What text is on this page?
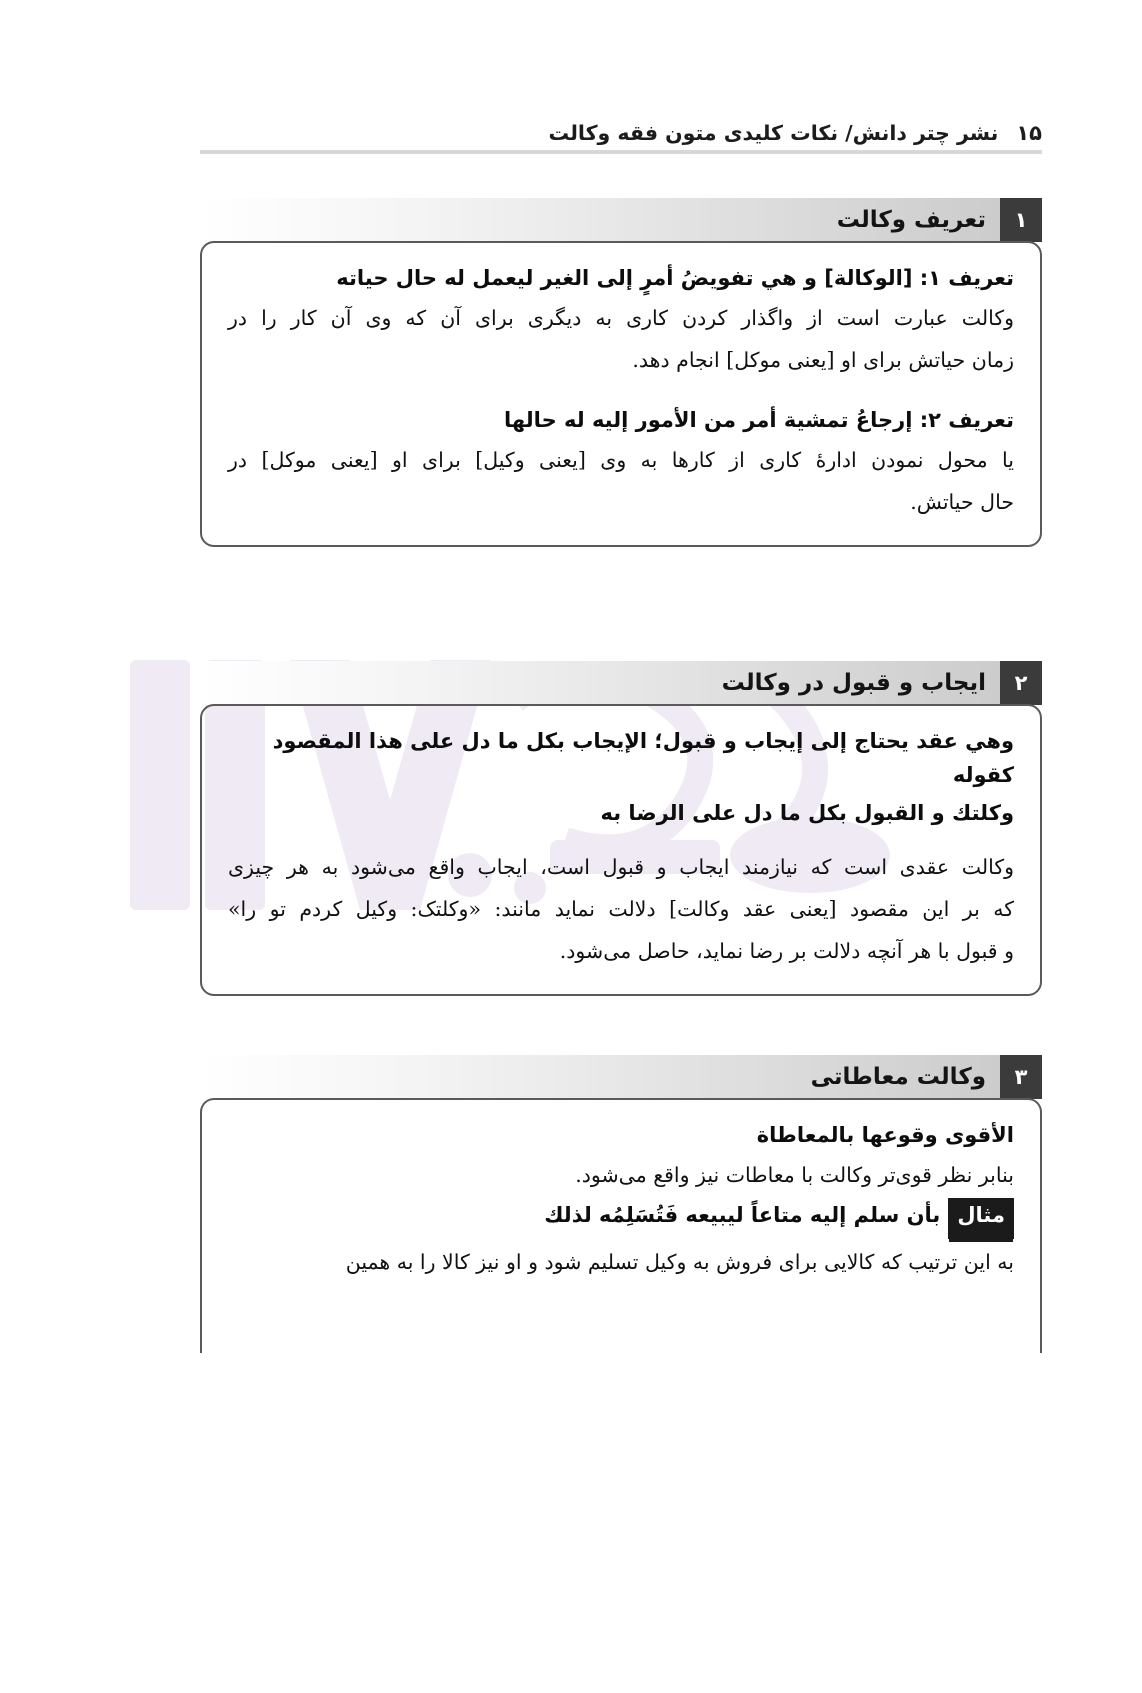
۱۵
نشر چتر دانش/ نکات کلیدی متون فقه وکالت
۱
تعریف وکالت

تعریف ۱: [الوکالة] و هي تفویضُ أمرٍ إلى الغیر لیعمل له حال حیاته

وکالت عبارت است از واگذار کردن کاری به دیگری برای آن که وی آن کار را در

زمان حیاتش برای او [یعنی موکل] انجام دهد.

تعریف ۲: إرجاعُ تمشیة أمر من الأمور إلیه له حالها

یا محول نمودن ادارۀ کاری از کارها به وی [یعنی وکیل] برای او [یعنی موکل] در

حال حیاتش.

۲
ایجاب و قبول در وکالت

وهي عقد یحتاج إلى إیجاب و قبول؛ الإیجاب بكل ما دل على هذا المقصود كقوله

وكلتك و القبول بكل ما دل على الرضا به

وکالت عقدی است که نیازمند ایجاب و قبول است، ایجاب واقع می‌شود به هر چیزی

که بر این مقصود [یعنی عقد وکالت] دلالت نماید مانند: «وکلتک: وکیل کردم تو را»

و قبول با هر آنچه دلالت بر رضا نماید، حاصل می‌شود.

۳
وکالت معاطاتی

الأقوى وقوعها بالمعاطاة

بنابر نظر قوی‌تر وکالت با معاطات نیز واقع می‌شود.

مثالبأن سلم إلیه متاعاً لیبیعه فَتُسَلِمُه لذلك

به این ترتیب که کالایی برای فروش به وکیل تسلیم شود و او نیز کالا را به همین
